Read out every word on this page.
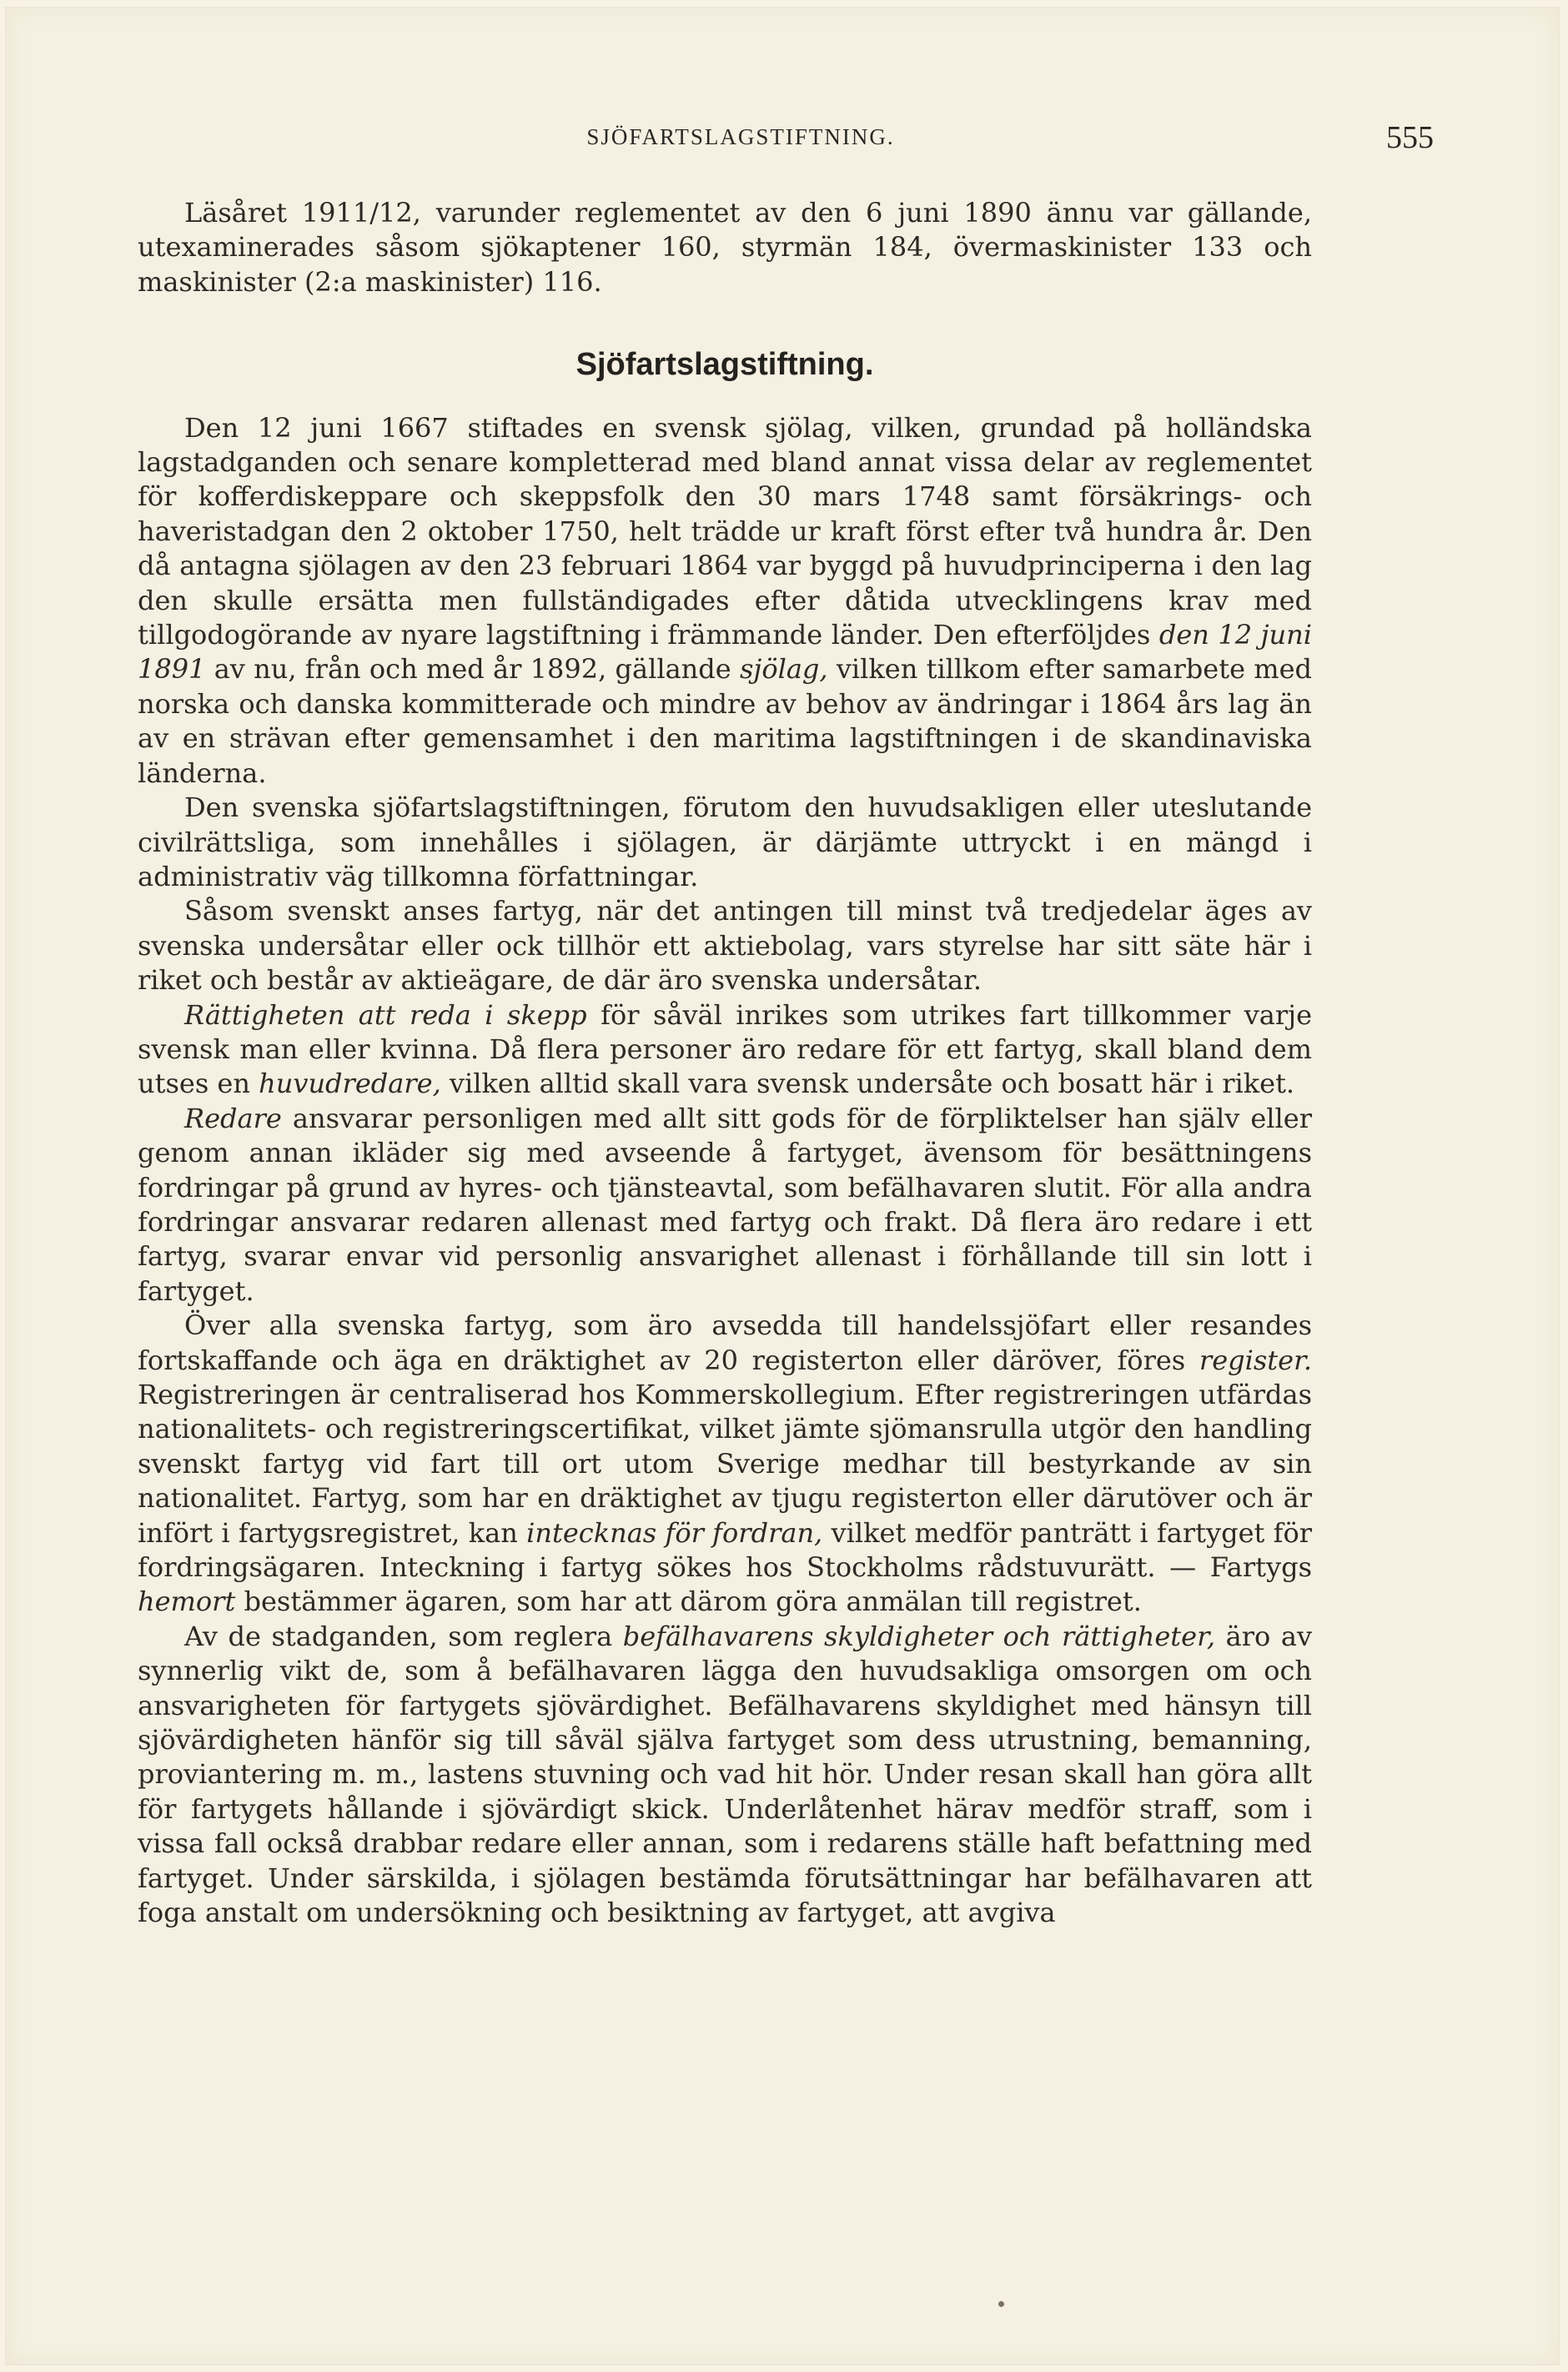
SJÖFARTSLAGSTIFTNING.	555

Läsåret 1911/12, varunder reglementet av den 6 juni 1890 ännu var gällande, utexaminerades såsom sjökaptener 160, styrmän 184, övermaskinister 133 och maskinister (2:a maskinister) 116.

Sjöfartslagstiftning.

Den 12 juni 1667 stiftades en svensk sjölag, vilken, grundad på holländska lagstadganden och senare kompletterad med bland annat vissa delar av reglementet för kofferdiskeppare och skeppsfolk den 30 mars 1748 samt försäkrings- och haveristadgan den 2 oktober 1750, helt trädde ur kraft först efter två hundra år. Den då antagna sjölagen av den 23 februari 1864 var byggd på huvudprinciperna i den lag den skulle ersätta men fullständigades efter dåtida utvecklingens krav med tillgodogörande av nyare lagstiftning i främmande länder. Den efterföljdes den 12 juni 1891 av nu, från och med år 1892, gällande sjölag, vilken tillkom efter samarbete med norska och danska kommitterade och mindre av behov av ändringar i 1864 års lag än av en strävan efter gemensamhet i den maritima lagstiftningen i de skandinaviska länderna.

Den svenska sjöfartslagstiftningen, förutom den huvudsakligen eller uteslutande civilrättsliga, som innehålles i sjölagen, är därjämte uttryckt i en mängd i administrativ väg tillkomna författningar.

Såsom svenskt anses fartyg, när det antingen till minst två tredjedelar äges av svenska undersåtar eller ock tillhör ett aktiebolag, vars styrelse har sitt säte här i riket och består av aktieägare, de där äro svenska undersåtar.

Rättigheten att reda i skepp för såväl inrikes som utrikes fart tillkommer varje svensk man eller kvinna. Då flera personer äro redare för ett fartyg, skall bland dem utses en huvudredare, vilken alltid skall vara svensk undersåte och bosatt här i riket.

Redare ansvarar personligen med allt sitt gods för de förpliktelser han själv eller genom annan ikläder sig med avseende å fartyget, ävensom för besättningens fordringar på grund av hyres- och tjänsteavtal, som befälhavaren slutit. För alla andra fordringar ansvarar redaren allenast med fartyg och frakt. Då flera äro redare i ett fartyg, svarar envar vid personlig ansvarighet allenast i förhållande till sin lott i fartyget.

Över alla svenska fartyg, som äro avsedda till handelssjöfart eller resandes fortskaffande och äga en dräktighet av 20 registerton eller däröver, föres register. Registreringen är centraliserad hos Kommerskollegium. Efter registreringen utfärdas nationalitets- och registreringscertifikat, vilket jämte sjömansrulla utgör den handling svenskt fartyg vid fart till ort utom Sverige medhar till bestyrkande av sin nationalitet. Fartyg, som har en dräktighet av tjugu registerton eller därutöver och är infört i fartygsregistret, kan intecknas för fordran, vilket medför panträtt i fartyget för fordringsägaren. Inteckning i fartyg sökes hos Stockholms rådstuvurätt. — Fartygs hemort bestämmer ägaren, som har att därom göra anmälan till registret.

Av de stadganden, som reglera befälhavarens skyldigheter och rättigheter, äro av synnerlig vikt de, som å befälhavaren lägga den huvudsakliga omsorgen om och ansvarigheten för fartygets sjövärdighet. Befälhavarens skyldighet med hänsyn till sjövärdigheten hänför sig till såväl själva fartyget som dess utrustning, bemanning, proviantering m. m., lastens stuvning och vad hit hör. Under resan skall han göra allt för fartygets hållande i sjövärdigt skick. Underlåtenhet härav medför straff, som i vissa fall också drabbar redare eller annan, som i redarens ställe haft befattning med fartyget. Under särskilda, i sjölagen bestämda förutsättningar har befälhavaren att foga anstalt om undersökning och besiktning av fartyget, att avgiva
